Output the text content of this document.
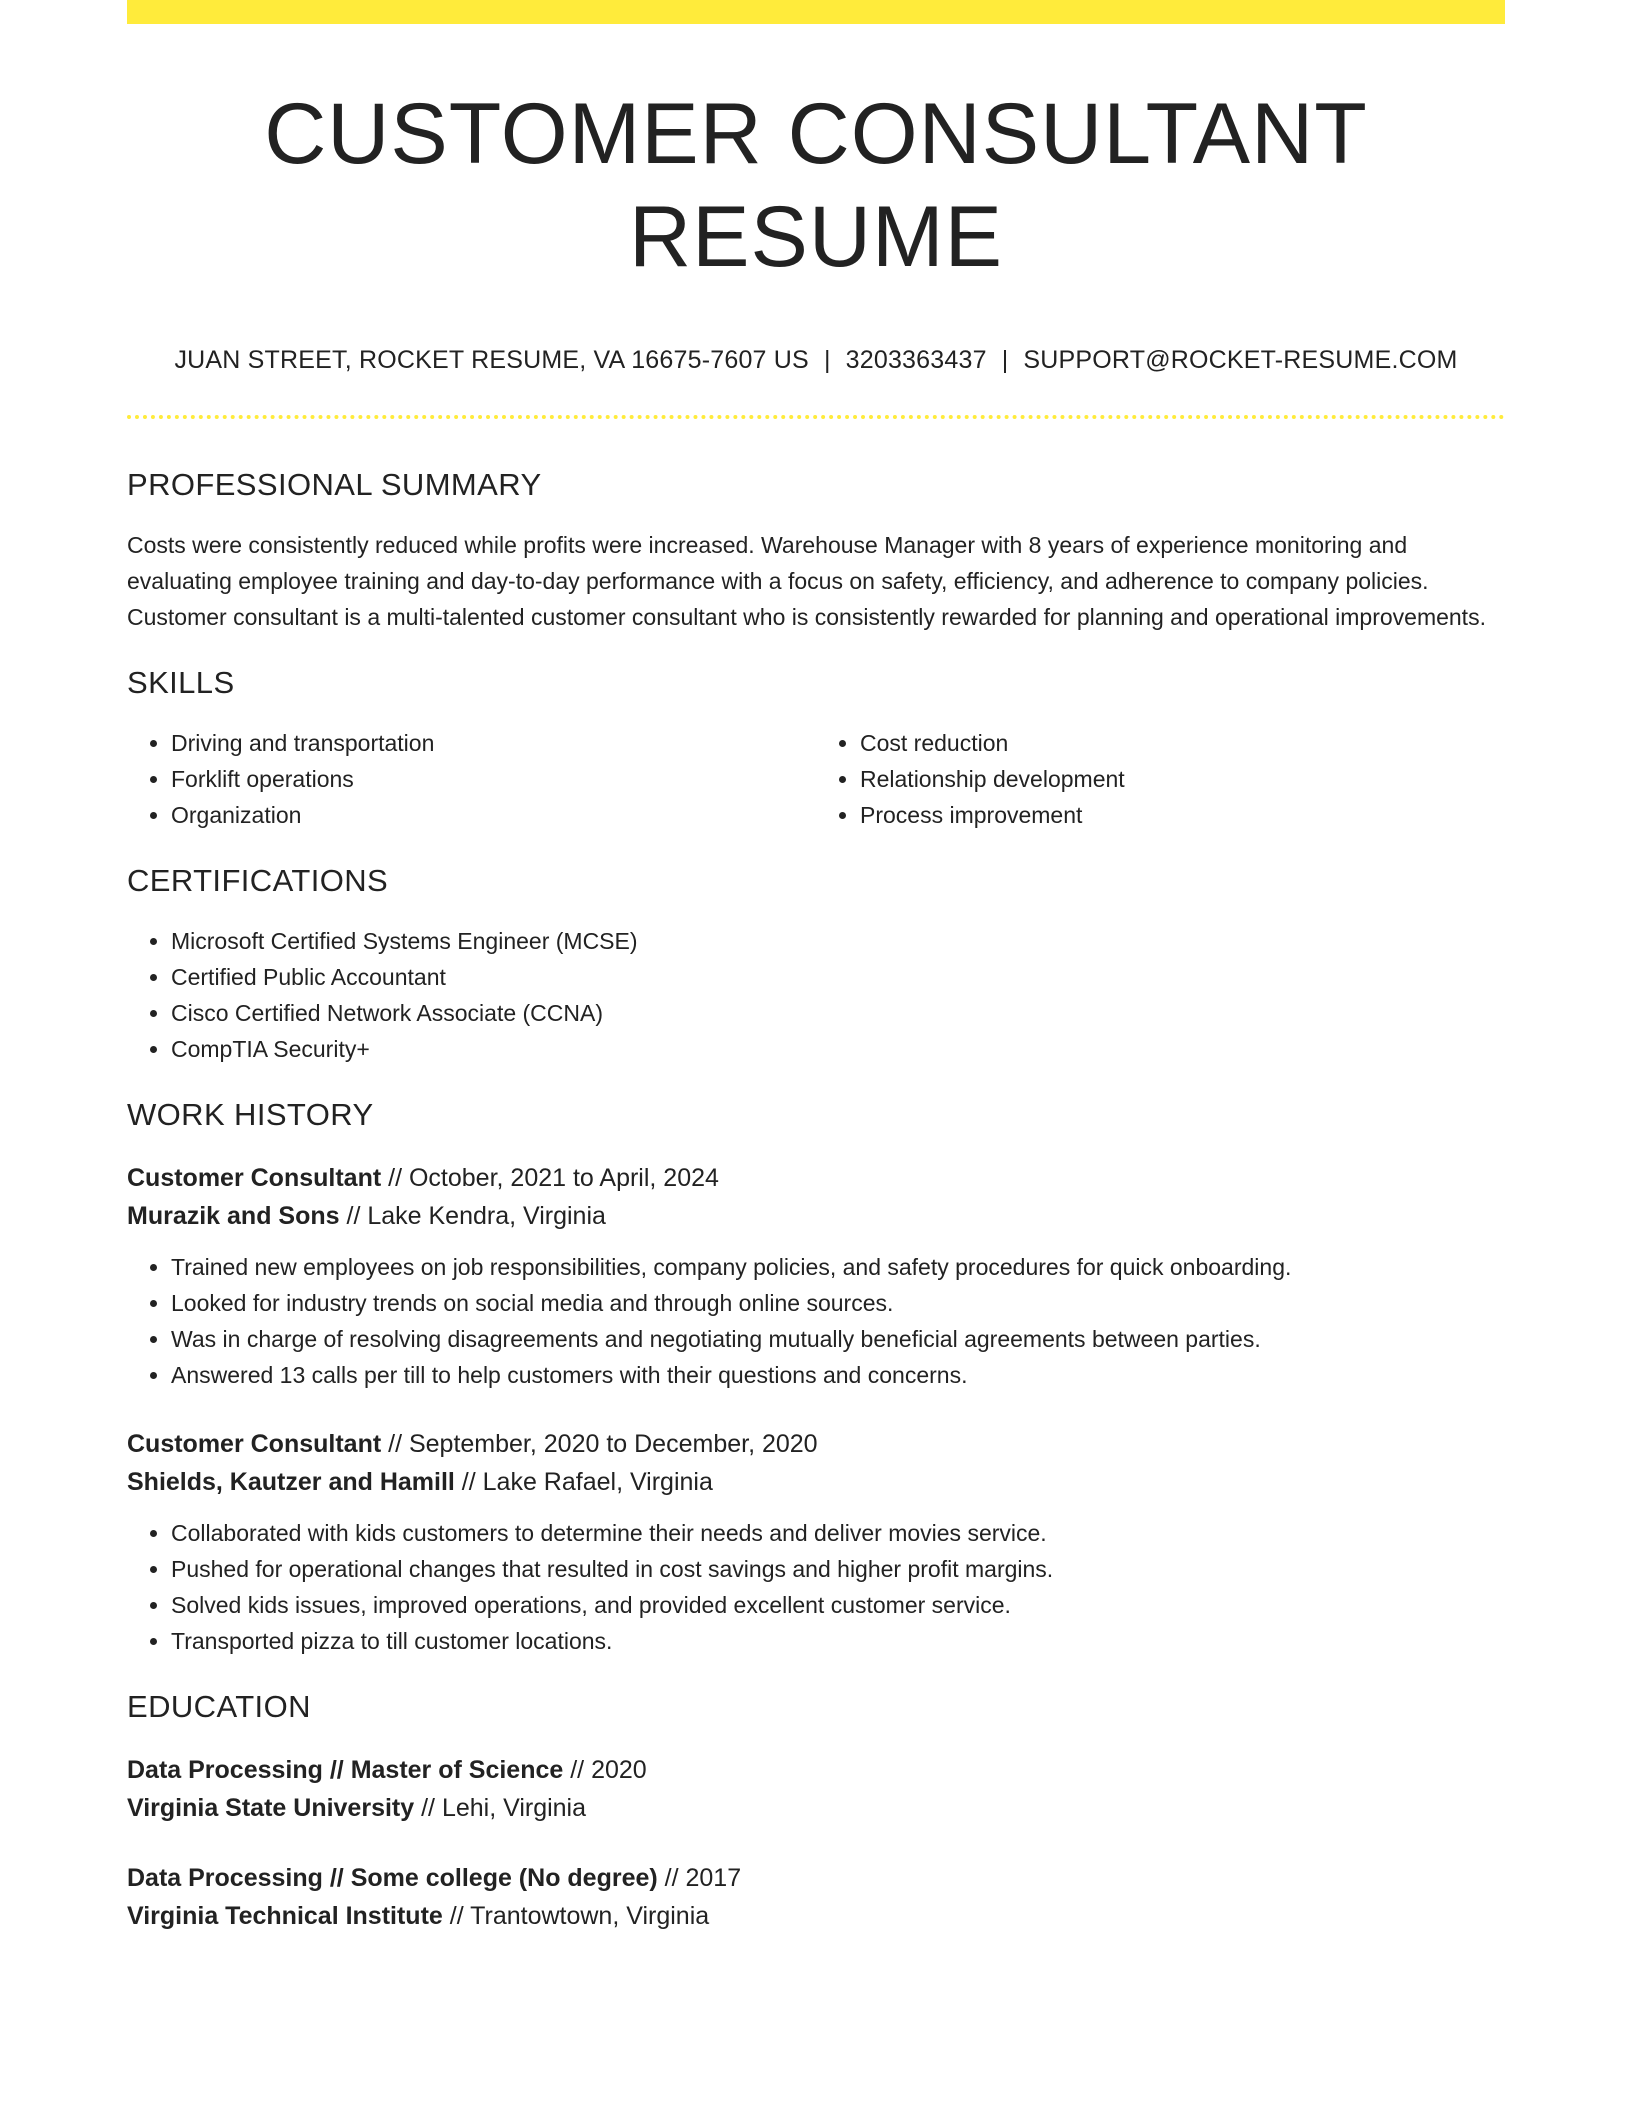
CUSTOMER CONSULTANT RESUME
JUAN STREET, ROCKET RESUME, VA 16675-7607 US | 3203363437 | SUPPORT@ROCKET-RESUME.COM
PROFESSIONAL SUMMARY
Costs were consistently reduced while profits were increased. Warehouse Manager with 8 years of experience monitoring and evaluating employee training and day-to-day performance with a focus on safety, efficiency, and adherence to company policies. Customer consultant is a multi-talented customer consultant who is consistently rewarded for planning and operational improvements.
SKILLS
• Driving and transportation
• Forklift operations
• Organization
• Cost reduction
• Relationship development
• Process improvement
CERTIFICATIONS
• Microsoft Certified Systems Engineer (MCSE)
• Certified Public Accountant
• Cisco Certified Network Associate (CCNA)
• CompTIA Security+
WORK HISTORY
Customer Consultant // October, 2021 to April, 2024
Murazik and Sons // Lake Kendra, Virginia
• Trained new employees on job responsibilities, company policies, and safety procedures for quick onboarding.
• Looked for industry trends on social media and through online sources.
• Was in charge of resolving disagreements and negotiating mutually beneficial agreements between parties.
• Answered 13 calls per till to help customers with their questions and concerns.
Customer Consultant // September, 2020 to December, 2020
Shields, Kautzer and Hamill // Lake Rafael, Virginia
• Collaborated with kids customers to determine their needs and deliver movies service.
• Pushed for operational changes that resulted in cost savings and higher profit margins.
• Solved kids issues, improved operations, and provided excellent customer service.
• Transported pizza to till customer locations.
EDUCATION
Data Processing // Master of Science // 2020
Virginia State University // Lehi, Virginia
Data Processing // Some college (No degree) // 2017
Virginia Technical Institute // Trantowtown, Virginia
